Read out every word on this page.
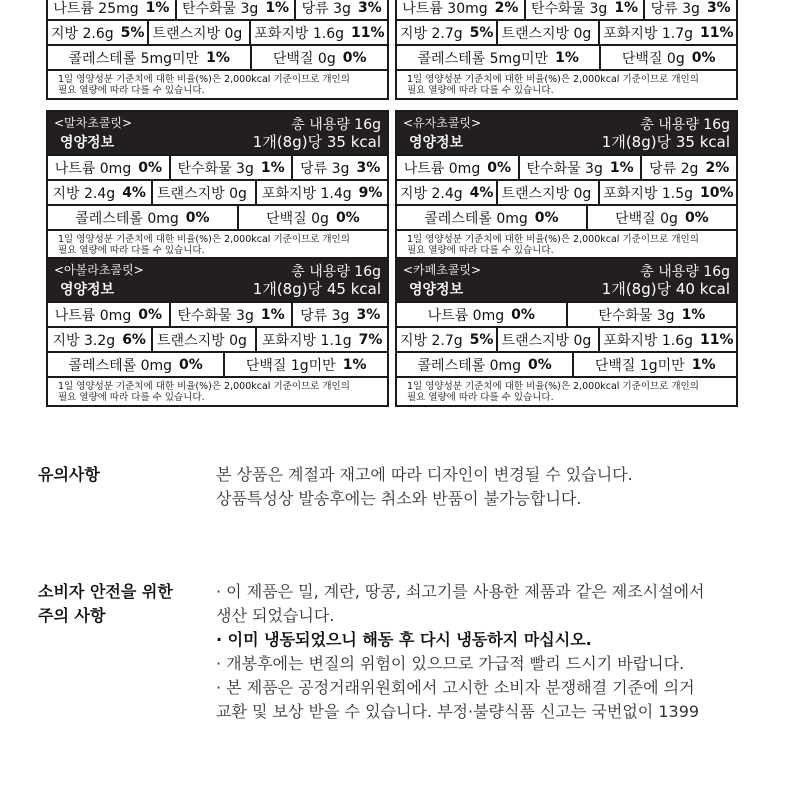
나트륨 25mg 1% 탄수화물 3g 1% 당류 3g 3%
지방 2.6g 5% 트랜스지방 0g 포화지방 1.6g 11%
콜레스테롤 5mg미만 1%	단백질 0g 0%
1일 영양성분 기준치에 대한 비율(%)은 2,000kcal 기준이므로 개인의
필요 열량에 따라 다를 수 있습니다.
나트륨 30mg 2% 탄수화물 3g 1% 당류 3g 3%
지방 2.7g 5% 트랜스지방 0g 포화지방 1.7g 11%
콜레스테롤 5mg미만 1%	단백질 0g 0%
1일 영양성분 기준치에 대한 비율(%)은 2,000kcal 기준이므로 개인의
필요 열량에 따라 다를 수 있습니다.
<말차초콜릿>
영양정보
총 내용량 16g
1개(8g)당 35 kcal
나트륨 0mg 0% 탄수화물 3g 1% 당류 3g 3%
지방 2.4g 4% 트랜스지방 0g 포화지방 1.4g 9%
콜레스테롤 0mg 0%	단백질 0g 0%
1일 영양성분 기준치에 대한 비율(%)은 2,000kcal 기준이므로 개인의
필요 열량에 따라 다를 수 있습니다.
<유자초콜릿>
영양정보
총 내용량 16g
1개(8g)당 35 kcal
나트륨 0mg 0% 탄수화물 3g 1% 당류 2g 2%
지방 2.4g 4% 트랜스지방 0g 포화지방 1.5g 10%
콜레스테롤 0mg 0%	단백질 0g 0%
1일 영양성분 기준치에 대한 비율(%)은 2,000kcal 기준이므로 개인의
필요 열량에 따라 다를 수 있습니다.
<아볼라초콜릿>
영양정보
총 내용량 16g
1개(8g)당 45 kcal
나트륨 0mg 0% 탄수화물 3g 1% 당류 3g 3%
지방 3.2g 6% 트랜스지방 0g 포화지방 1.1g 7%
콜레스테롤 0mg 0%	단백질 1g미만 1%
1일 영양성분 기준치에 대한 비율(%)은 2,000kcal 기준이므로 개인의
필요 열량에 따라 다를 수 있습니다.
<카페초콜릿>
영양정보
총 내용량 16g
1개(8g)당 40 kcal
나트륨 0mg 0%	탄수화물 3g 1%
지방 2.7g 5% 트랜스지방 0g 포화지방 1.6g 11%
콜레스테롤 0mg 0%	단백질 1g미만 1%
1일 영양성분 기준치에 대한 비율(%)은 2,000kcal 기준이므로 개인의
필요 열량에 따라 다를 수 있습니다.
유의사항	본 상품은 계절과 재고에 따라 디자인이 변경될 수 있습니다.
상품특성상 발송후에는 취소와 반품이 불가능합니다.
소비자 안전을 위한
주의 사항
· 이 제품은 밀, 계란, 땅콩, 쇠고기를 사용한 제품과 같은 제조시설에서
생산 되었습니다.
· 이미 냉동되었으니 해동 후 다시 냉동하지 마십시오.
· 개봉후에는 변질의 위험이 있으므로 가급적 빨리 드시기 바랍니다.
· 본 제품은 공정거래위원회에서 고시한 소비자 분쟁해결 기준에 의거
교환 및 보상 받을 수 있습니다. 부정·불량식품 신고는 국번없이 1399
